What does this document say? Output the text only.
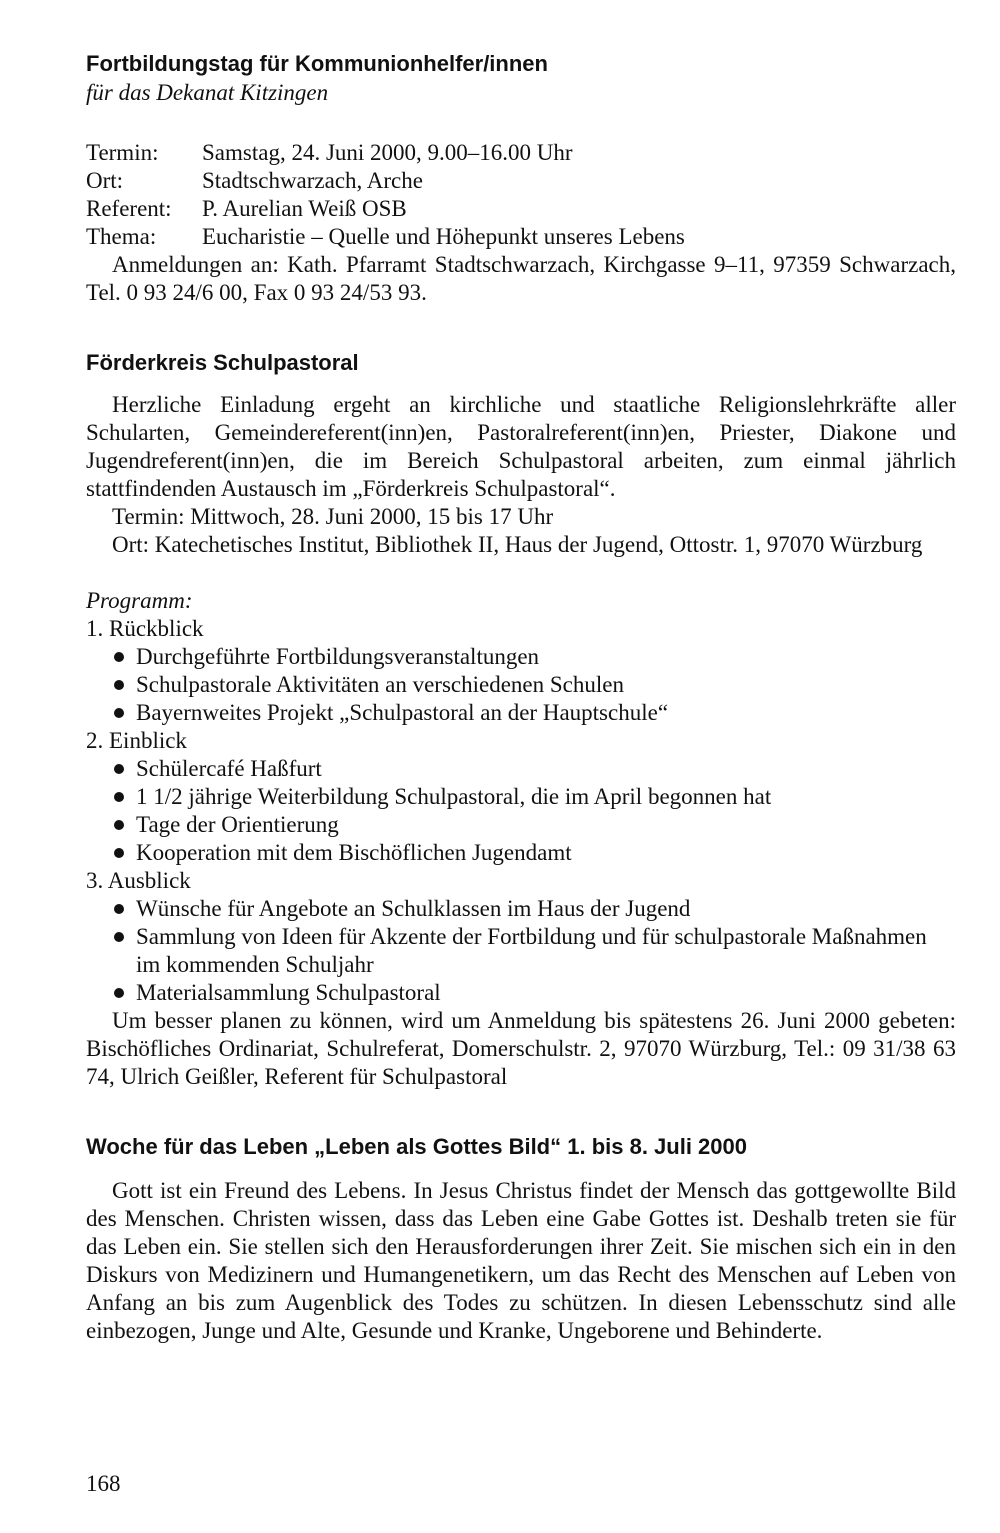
Fortbildungstag für Kommunionhelfer/innen
für das Dekanat Kitzingen
Termin:	Samstag, 24. Juni 2000, 9.00–16.00 Uhr
Ort:	Stadtschwarzach, Arche
Referent:	P. Aurelian Weiß OSB
Thema:	Eucharistie – Quelle und Höhepunkt unseres Lebens

Anmeldungen an: Kath. Pfarramt Stadtschwarzach, Kirchgasse 9–11, 97359 Schwarzach, Tel. 0 93 24/6 00, Fax 0 93 24/53 93.

Förderkreis Schulpastoral

Herzliche Einladung ergeht an kirchliche und staatliche Religionslehrkräfte aller Schularten, Gemeindereferent(inn)en, Pastoralreferent(inn)en, Priester, Diakone und Jugendreferent(inn)en, die im Bereich Schulpastoral arbeiten, zum einmal jährlich stattfindenden Austausch im „Förderkreis Schulpastoral“.

Termin: Mittwoch, 28. Juni 2000, 15 bis 17 Uhr

Ort: Katechetisches Institut, Bibliothek II, Haus der Jugend, Ottostr. 1, 97070 Würzburg

Programm:

1. Rückblick

Durchgeführte Fortbildungsveranstaltungen
Schulpastorale Aktivitäten an verschiedenen Schulen
Bayernweites Projekt „Schulpastoral an der Hauptschule“

2. Einblick

Schülercafé Haßfurt
1 1/2 jährige Weiterbildung Schulpastoral, die im April begonnen hat
Tage der Orientierung
Kooperation mit dem Bischöflichen Jugendamt

3. Ausblick

Wünsche für Angebote an Schulklassen im Haus der Jugend
Sammlung von Ideen für Akzente der Fortbildung und für schulpastorale Maßnahmen im kommenden Schuljahr
Materialsammlung Schulpastoral

Um besser planen zu können, wird um Anmeldung bis spätestens 26. Juni 2000 gebeten: Bischöfliches Ordinariat, Schulreferat, Domerschulstr. 2, 97070 Würzburg, Tel.: 09 31/38 63 74, Ulrich Geißler, Referent für Schulpastoral

Woche für das Leben „Leben als Gottes Bild“ 1. bis 8. Juli 2000

Gott ist ein Freund des Lebens. In Jesus Christus findet der Mensch das gottgewollte Bild des Menschen. Christen wissen, dass das Leben eine Gabe Gottes ist. Deshalb treten sie für das Leben ein. Sie stellen sich den Herausforderungen ihrer Zeit. Sie mischen sich ein in den Diskurs von Medizinern und Humangenetikern, um das Recht des Menschen auf Leben von Anfang an bis zum Augenblick des Todes zu schützen. In diesen Lebensschutz sind alle einbezogen, Junge und Alte, Gesunde und Kranke, Ungeborene und Behinderte.

168
